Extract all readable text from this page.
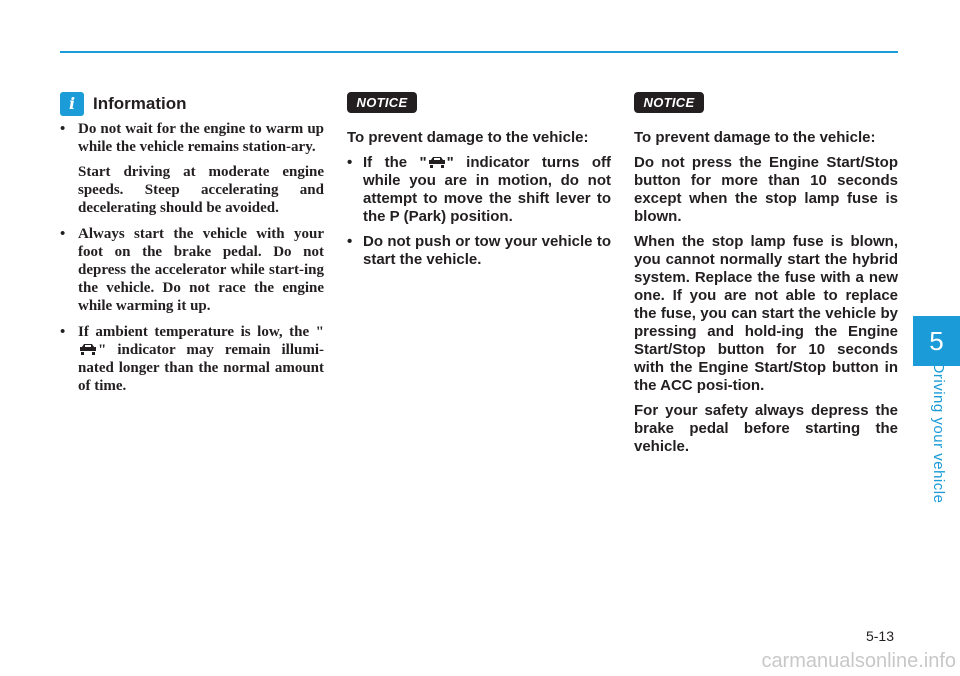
i	Information
• Do not wait for the engine to warm up while the vehicle remains station-ary.

Start driving at moderate engine speeds. Steep accelerating and decelerating should be avoided.

• Always start the vehicle with your foot on the brake pedal. Do not depress the accelerator while start-ing the vehicle. Do not race the engine while warming it up.
• If ambient temperature is low, the "" indicator may remain illumi-nated longer than the normal amount of time.
NOTICE

To prevent damage to the vehicle:

• If the " " indicator turns off while you are in motion, do not attempt to move the shift lever to the P (Park) position.
• Do not push or tow your vehicle to start the vehicle.
NOTICE

To prevent damage to the vehicle:

Do not press the Engine Start/Stop button for more than 10 seconds except when the stop lamp fuse is blown.

When the stop lamp fuse is blown, you cannot normally start the hybrid system. Replace the fuse with a new one. If you are not able to replace the fuse, you can start the vehicle by pressing and hold-ing the Engine Start/Stop button for 10 seconds with the Engine Start/Stop button in the ACC posi-tion.

For your safety always depress the brake pedal before starting the vehicle.

5
Driving your vehicle
5-13
carmanualsonline.info
